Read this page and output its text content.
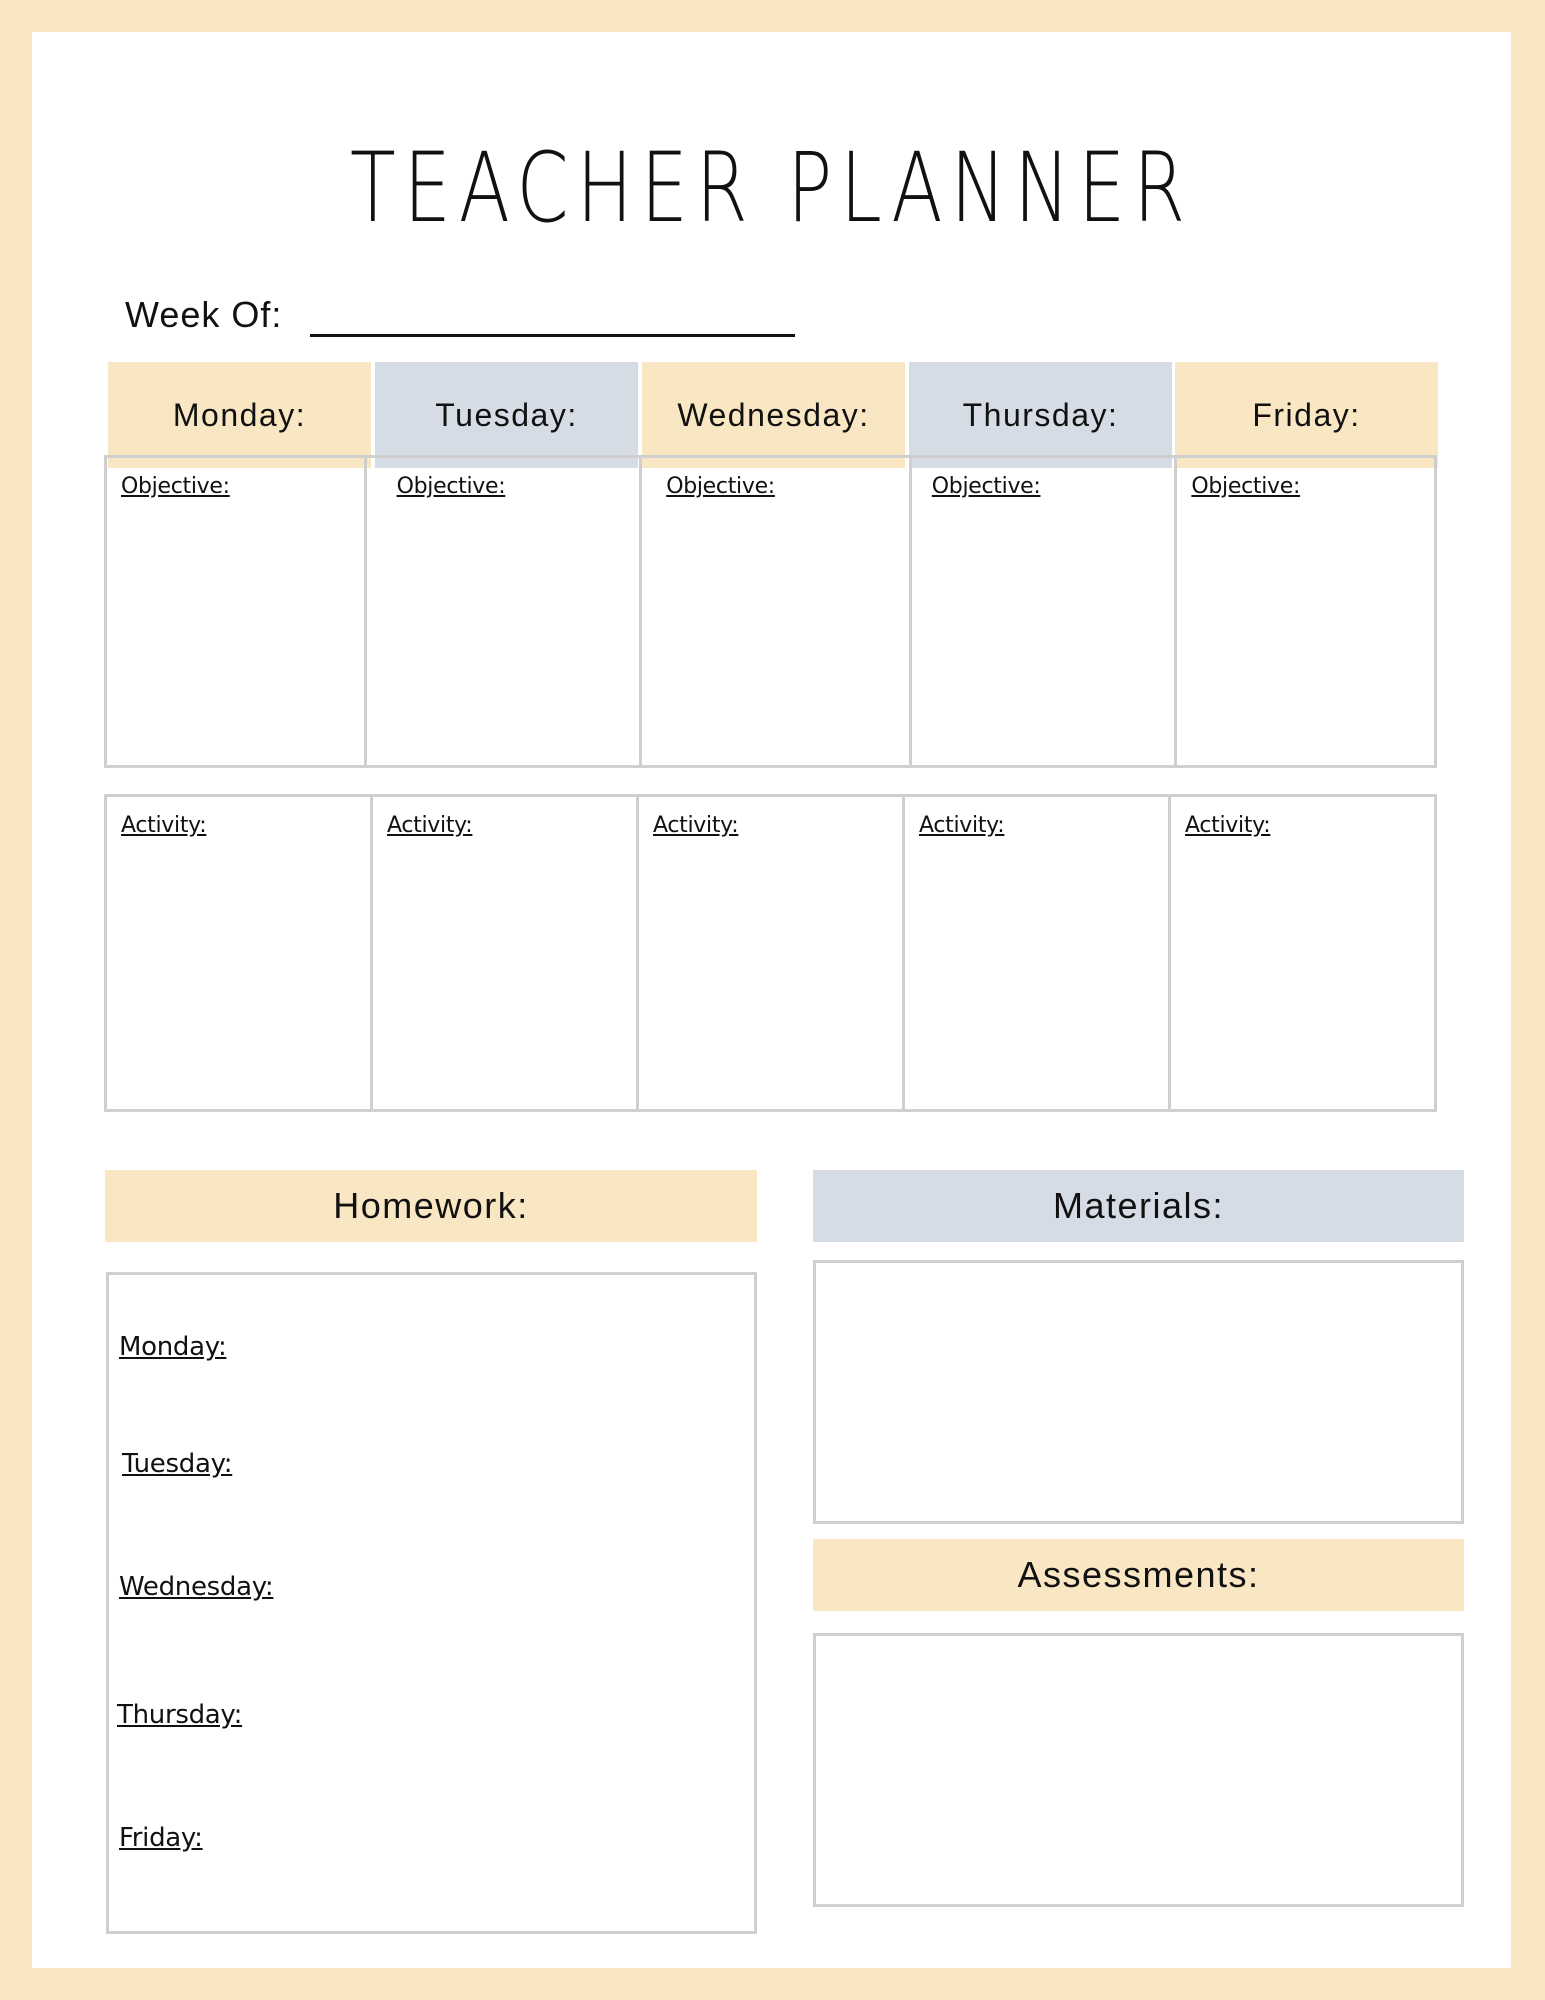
TEACHER PLANNER
Week Of:
Monday:	Tuesday:	Wednesday:	Thursday:	Friday:
Objective:	Objective:	Objective:	Objective:	Objective:
Activity:	Activity:	Activity:	Activity:	Activity:
Homework:
Monday:
Tuesday:
Wednesday:
Thursday:
Friday:
Materials:
Assessments:
